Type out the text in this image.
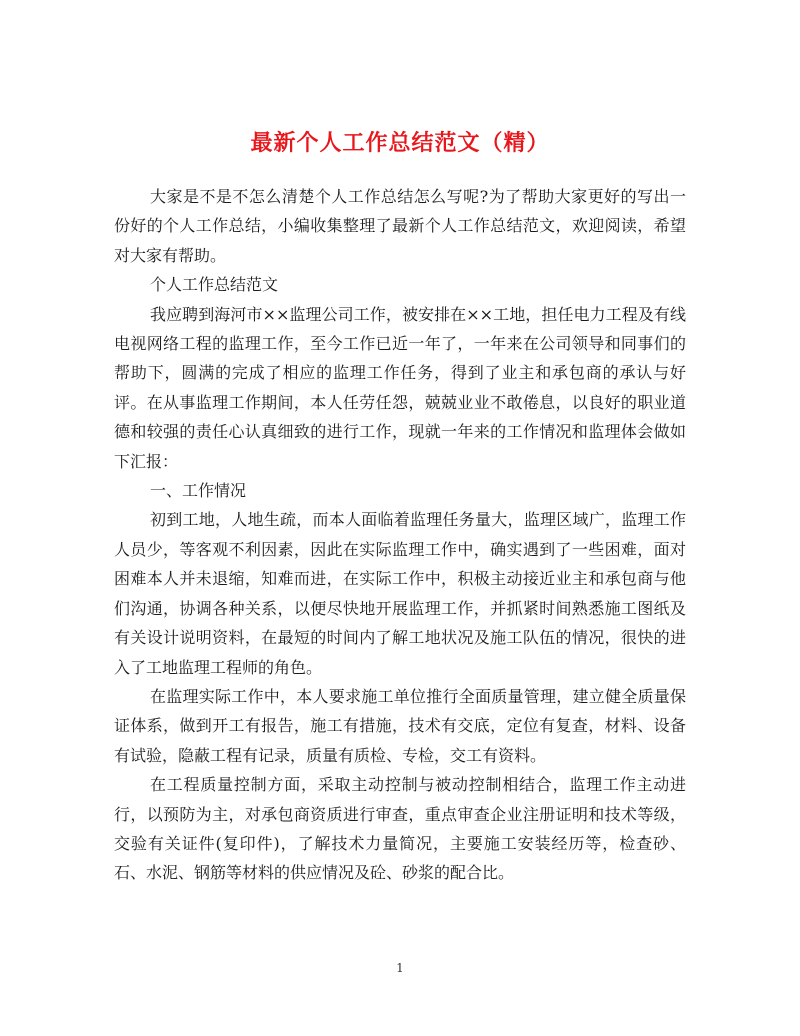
最新个人工作总结范文（精）

大家是不是不怎么清楚个人工作总结怎么写呢?为了帮助大家更好的写出一份好的个人工作总结，小编收集整理了最新个人工作总结范文，欢迎阅读，希望对大家有帮助。

个人工作总结范文

我应聘到海河市××监理公司工作，被安排在××工地，担任电力工程及有线电视网络工程的监理工作，至今工作已近一年了，一年来在公司领导和同事们的帮助下，圆满的完成了相应的监理工作任务，得到了业主和承包商的承认与好评。在从事监理工作期间，本人任劳任怨，兢兢业业不敢倦息，以良好的职业道德和较强的责任心认真细致的进行工作，现就一年来的工作情况和监理体会做如下汇报：

一、工作情况

初到工地，人地生疏，而本人面临着监理任务量大，监理区域广，监理工作人员少，等客观不利因素，因此在实际监理工作中，确实遇到了一些困难，面对困难本人并未退缩，知难而进，在实际工作中，积极主动接近业主和承包商与他们沟通，协调各种关系，以便尽快地开展监理工作，并抓紧时间熟悉施工图纸及有关设计说明资料，在最短的时间内了解工地状况及施工队伍的情况，很快的进入了工地监理工程师的角色。

在监理实际工作中，本人要求施工单位推行全面质量管理，建立健全质量保证体系，做到开工有报告，施工有措施，技术有交底，定位有复查，材料、设备有试验，隐蔽工程有记录，质量有质检、专检，交工有资料。

在工程质量控制方面，采取主动控制与被动控制相结合，监理工作主动进行，以预防为主，对承包商资质进行审查，重点审查企业注册证明和技术等级，交验有关证件(复印件)，了解技术力量简况，主要施工安装经历等，检查砂、石、水泥、钢筋等材料的供应情况及砼、砂浆的配合比。

1
